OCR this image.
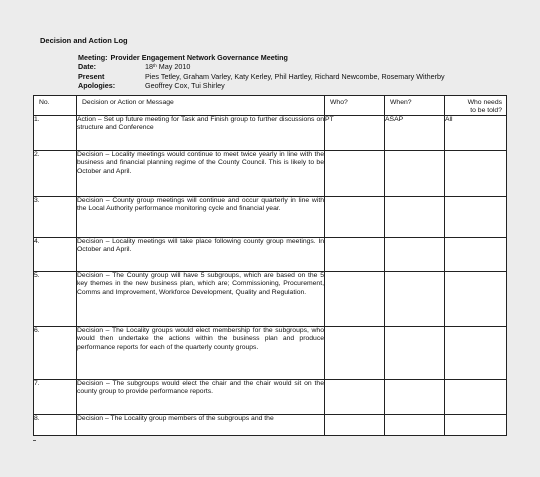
Decision and Action Log
Meeting: Provider Engagement Network Governance Meeting
Date:	18th May 2010
Present	Pies Tetley, Graham Varley, Katy Kerley, Phil Hartley, Richard Newcombe, Rosemary Witherby
Apologies:	Geoffrey Cox, Tui Shirley
No.	Decision or Action or Message	Who?	When?	Who needs
to be told?

1.	Action – Set up future meeting for Task and Finish group to further discussions on structure and Conference	PT	ASAP	All
2.	Decision – Locality meetings would continue to meet twice yearly in line with the business and financial planning regime of the County Council. This is likely to be October and April.			
3.	Decision – County group meetings will continue and occur quarterly in line with the Local Authority performance monitoring cycle and financial year.			
4.	Decision – Locality meetings will take place following county group meetings. In October and April.			
5.	Decision – The County group will have 5 subgroups, which are based on the 5 key themes in the new business plan, which are; Commissioning, Procurement, Comms and Improvement, Workforce Development, Quality and Regulation.			
6.	Decision – The Locality groups would elect membership for the subgroups, who would then undertake the actions within the business plan and produce performance reports for each of the quarterly county groups.			
7.	Decision – The subgroups would elect the chair and the chair would sit on the county group to provide performance reports.			
8.	Decision – The Locality group members of the subgroups and the			
